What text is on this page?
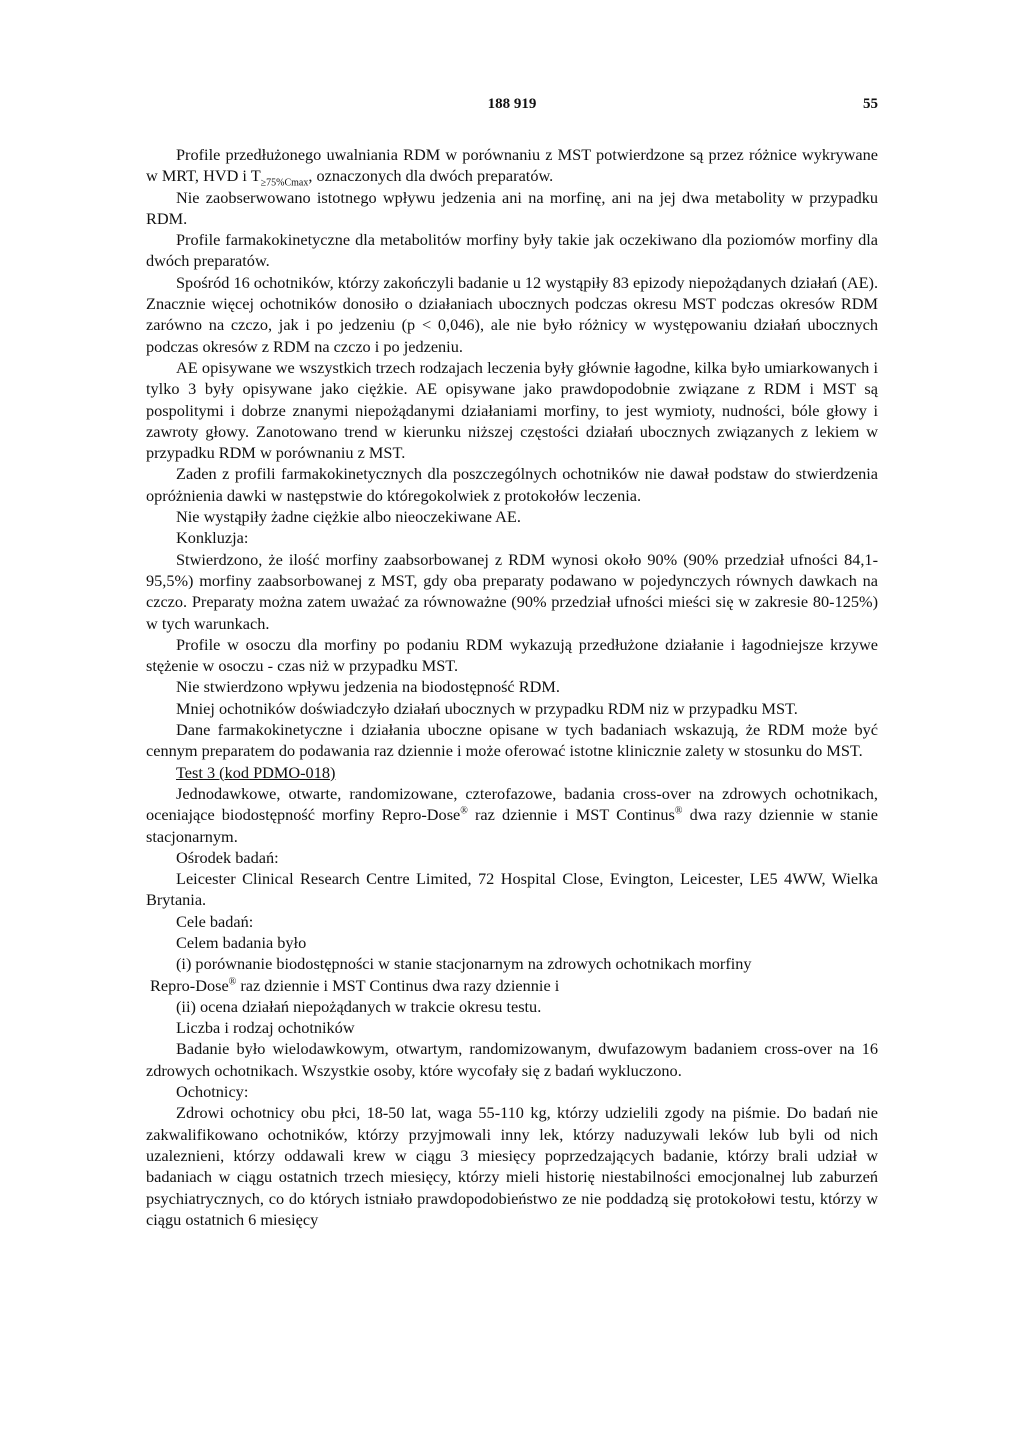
188 919	55

Profile przedłużonego uwalniania RDM w porównaniu z MST potwierdzone są przez różnice wykrywane w MRT, HVD i $T_{\ge 75\%Cmax}$, oznaczonych dla dwóch preparatów.

Nie zaobserwowano istotnego wpływu jedzenia ani na morfinę, ani na jej dwa metabolity w przypadku RDM.

Profile farmakokinetyczne dla metabolitów morfiny były takie jak oczekiwano dla poziomów morfiny dla dwóch preparatów.

Spośród 16 ochotników, którzy zakończyli badanie u 12 wystąpiły 83 epizody niepożądanych działań (AE). Znacznie więcej ochotników donosiło o działaniach ubocznych podczas okresu MST podczas okresów RDM zarówno na czczo, jak i po jedzeniu (p < 0,046), ale nie było różnicy w występowaniu działań ubocznych podczas okresów z RDM na czczo i po jedzeniu.

AE opisywane we wszystkich trzech rodzajach leczenia były głównie łagodne, kilka było umiarkowanych i tylko 3 były opisywane jako ciężkie. AE opisywane jako prawdopodobnie związane z RDM i MST są pospolitymi i dobrze znanymi niepożądanymi działaniami morfiny, to jest wymioty, nudności, bóle głowy i zawroty głowy. Zanotowano trend w kierunku niższej częstości działań ubocznych związanych z lekiem w przypadku RDM w porównaniu z MST.

Zaden z profili farmakokinetycznych dla poszczególnych ochotników nie dawał podstaw do stwierdzenia opróżnienia dawki w następstwie do któregokolwiek z protokołów leczenia.

Nie wystąpiły żadne ciężkie albo nieoczekiwane AE.

Konkluzja:

Stwierdzono, że ilość morfiny zaabsorbowanej z RDM wynosi około 90% (90% przedział ufności 84,1-95,5%) morfiny zaabsorbowanej z MST, gdy oba preparaty podawano w pojedynczych równych dawkach na czczo. Preparaty można zatem uważać za równoważne (90% przedział ufności mieści się w zakresie 80-125%) w tych warunkach.

Profile w osoczu dla morfiny po podaniu RDM wykazują przedłużone działanie i łagodniejsze krzywe stężenie w osoczu - czas niż w przypadku MST.

Nie stwierdzono wpływu jedzenia na biodostępność RDM.

Mniej ochotników doświadczyło działań ubocznych w przypadku RDM niz w przypadku MST.

Dane farmakokinetyczne i działania uboczne opisane w tych badaniach wskazują, że RDM może być cennym preparatem do podawania raz dziennie i może oferować istotne klinicznie zalety w stosunku do MST.

Test 3 (kod PDMO-018)

Jednodawkowe, otwarte, randomizowane, czterofazowe, badania cross-over na zdrowych ochotnikach, oceniające biodostępność morfiny Repro-Dose® raz dziennie i MST Continus® dwa razy dziennie w stanie stacjonarnym.

Ośrodek badań:

Leicester Clinical Research Centre Limited, 72 Hospital Close, Evington, Leicester, LE5 4WW, Wielka Brytania.

Cele badań:

Celem badania było

(i) porównanie biodostępności w stanie stacjonarnym na zdrowych ochotnikach morfiny

Repro-Dose® raz dziennie i MST Continus dwa razy dziennie i

(ii) ocena działań niepożądanych w trakcie okresu testu.

Liczba i rodzaj ochotników

Badanie było wielodawkowym, otwartym, randomizowanym, dwufazowym badaniem cross-over na 16 zdrowych ochotnikach. Wszystkie osoby, które wycofały się z badań wykluczono.

Ochotnicy:

Zdrowi ochotnicy obu płci, 18-50 lat, waga 55-110 kg, którzy udzielili zgody na piśmie. Do badań nie zakwalifikowano ochotników, którzy przyjmowali inny lek, którzy naduzywali leków lub byli od nich uzaleznieni, którzy oddawali krew w ciągu 3 miesięcy poprzedzających badanie, którzy brali udział w badaniach w ciągu ostatnich trzech miesięcy, którzy mieli historię niestabilności emocjonalnej lub zaburzeń psychiatrycznych, co do których istniało prawdopodobieństwo ze nie poddadzą się protokołowi testu, którzy w ciągu ostatnich 6 miesięcy
